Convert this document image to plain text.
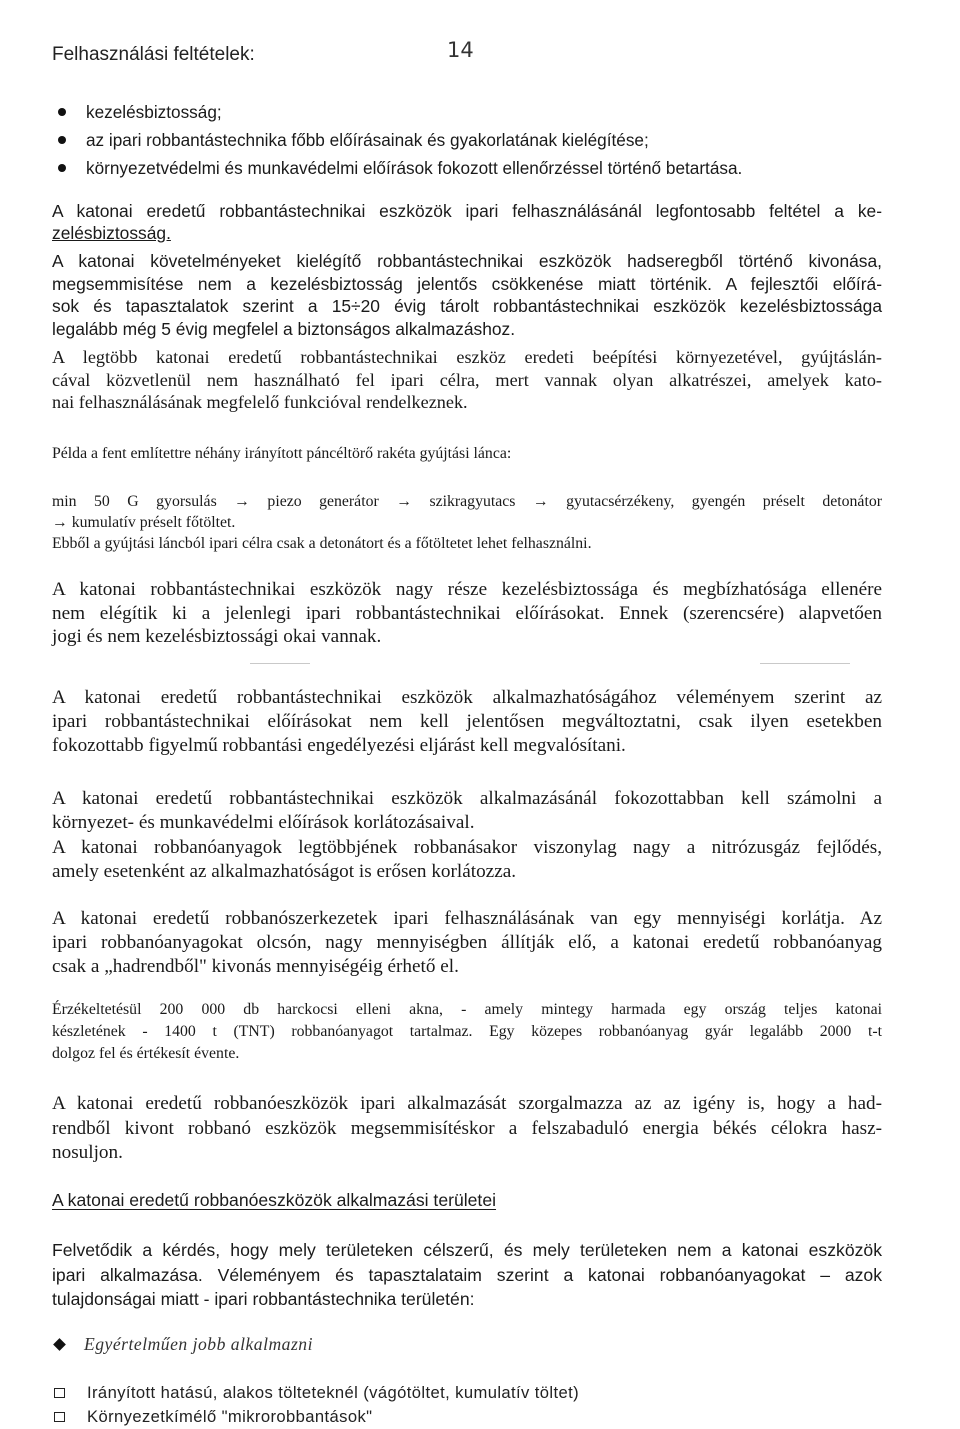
Felhasználási feltételek:	14
kezelésbiztosság;
az ipari robbantástechnika főbb előírásainak és gyakorlatának kielégítése;
környezetvédelmi és munkavédelmi előírások fokozott ellenőrzéssel történő betartása.
A katonai eredetű robbantástechnikai eszközök ipari felhasználásánál legfontosabb feltétel a ke-
zelésbiztosság.
A katonai követelményeket kielégítő robbantástechnikai eszközök hadseregből történő kivonása,
megsemmisítése nem a kezelésbiztosság jelentős csökkenése miatt történik. A fejlesztői előírá-
sok és tapasztalatok szerint a 15÷20 évig tárolt robbantástechnikai eszközök kezelésbiztossága
legalább még 5 évig megfelel a biztonságos alkalmazáshoz.
A legtöbb katonai eredetű robbantástechnikai eszköz eredeti beépítési környezetével, gyújtáslán-
cával közvetlenül nem használható fel ipari célra, mert vannak olyan alkatrészei, amelyek kato-
nai felhasználásának megfelelő funkcióval rendelkeznek.
Példa a fent említettre néhány irányított páncéltörő rakéta gyújtási lánca:
min 50 G gyorsulás → piezo generátor → szikragyutacs → gyutacsérzékeny, gyengén préselt detonátor
→ kumulatív préselt főtöltet.
Ebből a gyújtási láncból ipari célra csak a detonátort és a főtöltetet lehet felhasználni.
A katonai robbantástechnikai eszközök nagy része kezelésbiztossága és megbízhatósága ellenére
nem elégítik ki a jelenlegi ipari robbantástechnikai előírásokat. Ennek (szerencsére) alapvetően
jogi és nem kezelésbiztossági okai vannak.
A katonai eredetű robbantástechnikai eszközök alkalmazhatóságához véleményem szerint az
ipari robbantástechnikai előírásokat nem kell jelentősen megváltoztatni, csak ilyen esetekben
fokozottabb figyelmű robbantási engedélyezési eljárást kell megvalósítani.
A katonai eredetű robbantástechnikai eszközök alkalmazásánál fokozottabban kell számolni a
környezet- és munkavédelmi előírások korlátozásaival.
A katonai robbanóanyagok legtöbbjének robbanásakor viszonylag nagy a nitrózusgáz fejlődés,
amely esetenként az alkalmazhatóságot is erősen korlátozza.
A katonai eredetű robbanószerkezetek ipari felhasználásának van egy mennyiségi korlátja. Az
ipari robbanóanyagokat olcsón, nagy mennyiségben állítják elő, a katonai eredetű robbanóanyag
csak a „hadrendből" kivonás mennyiségéig érhető el.
Érzékeltetésül 200 000 db harckocsi elleni akna, - amely mintegy harmada egy ország teljes katonai
készletének - 1400 t (TNT) robbanóanyagot tartalmaz. Egy közepes robbanóanyag gyár legalább 2000 t-t
dolgoz fel és értékesít évente.
A katonai eredetű robbanóeszközök ipari alkalmazását szorgalmazza az az igény is, hogy a had-
rendből kivont robbanó eszközök megsemmisítéskor a felszabaduló energia békés célokra hasz-
nosuljon.
A katonai eredetű robbanóeszközök alkalmazási területei
Felvetődik a kérdés, hogy mely területeken célszerű, és mely területeken nem a katonai eszközök
ipari alkalmazása. Véleményem és tapasztalataim szerint a katonai robbanóanyagokat – azok
tulajdonságai miatt - ipari robbantástechnika területén:
Egyértelműen jobb alkalmazni
Irányított hatású, alakos tölteteknél (vágótöltet, kumulatív töltet)
Környezetkímélő "mikrorobbantások"
